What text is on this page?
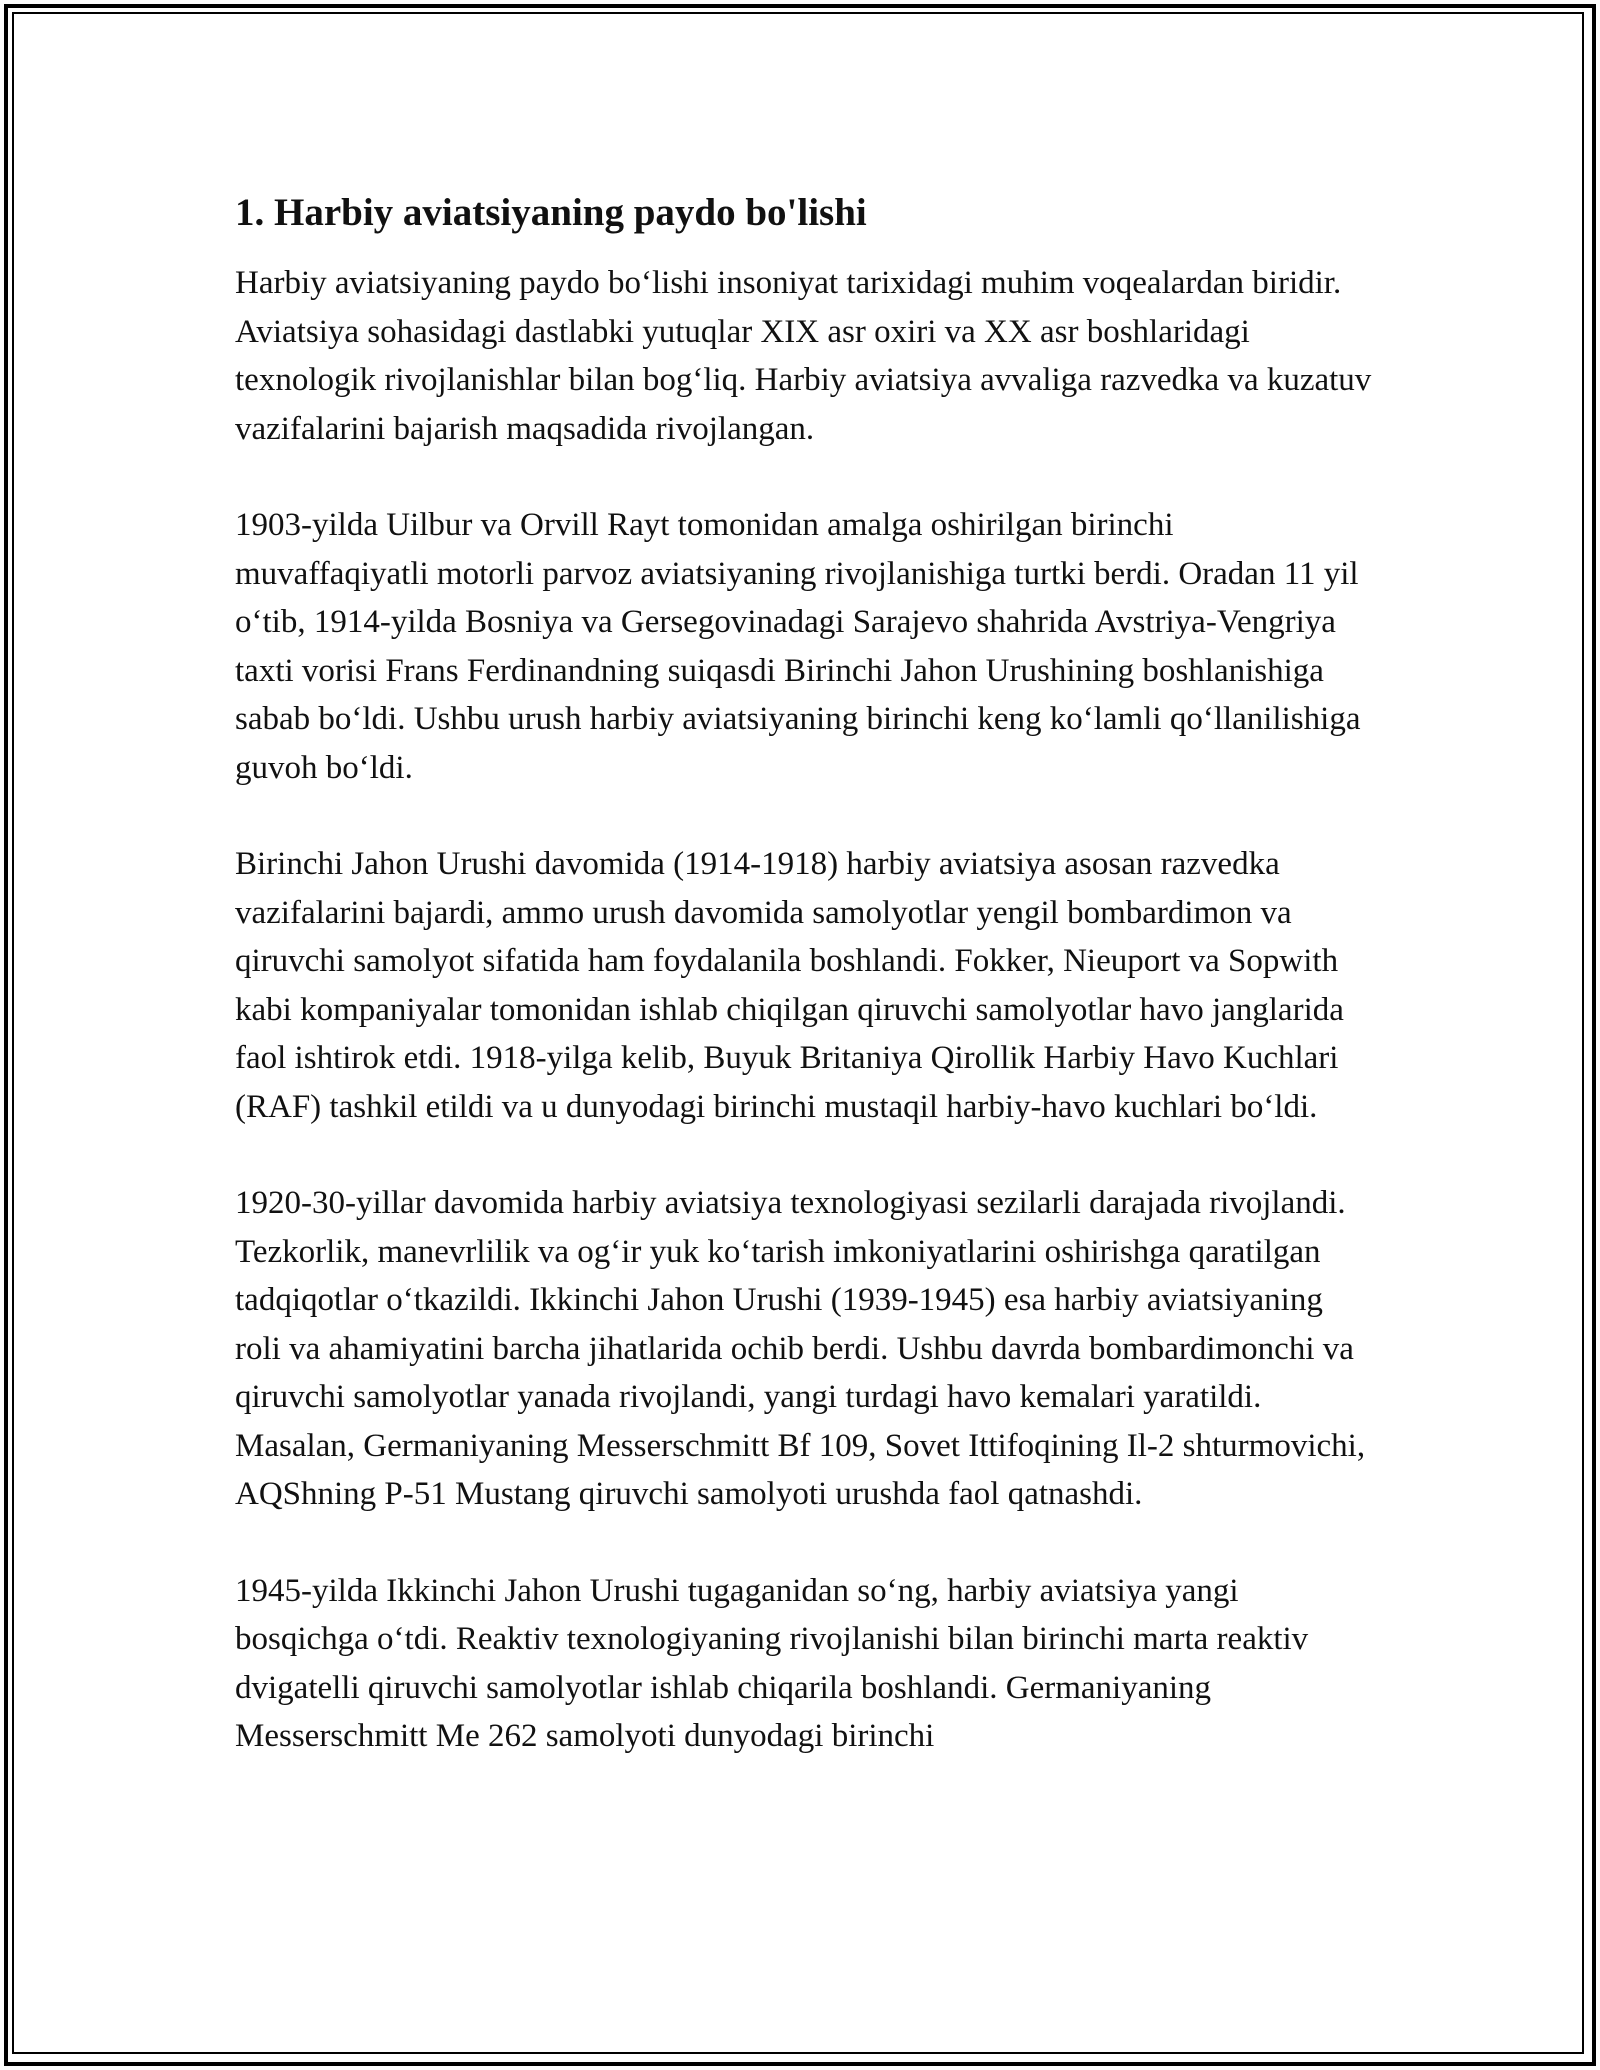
1. Harbiy aviatsiyaning paydo bo'lishi

Harbiy aviatsiyaning paydo bo‘lishi insoniyat tarixidagi muhim voqealardan biridir. Aviatsiya sohasidagi dastlabki yutuqlar XIX asr oxiri va XX asr boshlaridagi texnologik rivojlanishlar bilan bog‘liq. Harbiy aviatsiya avvaliga razvedka va kuzatuv vazifalarini bajarish maqsadida rivojlangan.

1903-yilda Uilbur va Orvill Rayt tomonidan amalga oshirilgan birinchi muvaffaqiyatli motorli parvoz aviatsiyaning rivojlanishiga turtki berdi. Oradan 11 yil o‘tib, 1914-yilda Bosniya va Gersegovinadagi Sarajevo shahrida Avstriya-Vengriya taxti vorisi Frans Ferdinandning suiqasdi Birinchi Jahon Urushining boshlanishiga sabab bo‘ldi. Ushbu urush harbiy aviatsiyaning birinchi keng ko‘lamli qo‘llanilishiga guvoh bo‘ldi.

Birinchi Jahon Urushi davomida (1914-1918) harbiy aviatsiya asosan razvedka vazifalarini bajardi, ammo urush davomida samolyotlar yengil bombardimon va qiruvchi samolyot sifatida ham foydalanila boshlandi. Fokker, Nieuport va Sopwith kabi kompaniyalar tomonidan ishlab chiqilgan qiruvchi samolyotlar havo janglarida faol ishtirok etdi. 1918-yilga kelib, Buyuk Britaniya Qirollik Harbiy Havo Kuchlari (RAF) tashkil etildi va u dunyodagi birinchi mustaqil harbiy-havo kuchlari bo‘ldi.

1920-30-yillar davomida harbiy aviatsiya texnologiyasi sezilarli darajada rivojlandi. Tezkorlik, manevrlilik va og‘ir yuk ko‘tarish imkoniyatlarini oshirishga qaratilgan tadqiqotlar o‘tkazildi. Ikkinchi Jahon Urushi (1939-1945) esa harbiy aviatsiyaning roli va ahamiyatini barcha jihatlarida ochib berdi. Ushbu davrda bombardimonchi va qiruvchi samolyotlar yanada rivojlandi, yangi turdagi havo kemalari yaratildi. Masalan, Germaniyaning Messerschmitt Bf 109, Sovet Ittifoqining Il-2 shturmovichi, AQShning P-51 Mustang qiruvchi samolyoti urushda faol qatnashdi.

1945-yilda Ikkinchi Jahon Urushi tugaganidan so‘ng, harbiy aviatsiya yangi bosqichga o‘tdi. Reaktiv texnologiyaning rivojlanishi bilan birinchi marta reaktiv dvigatelli qiruvchi samolyotlar ishlab chiqarila boshlandi. Germaniyaning Messerschmitt Me 262 samolyoti dunyodagi birinchi
